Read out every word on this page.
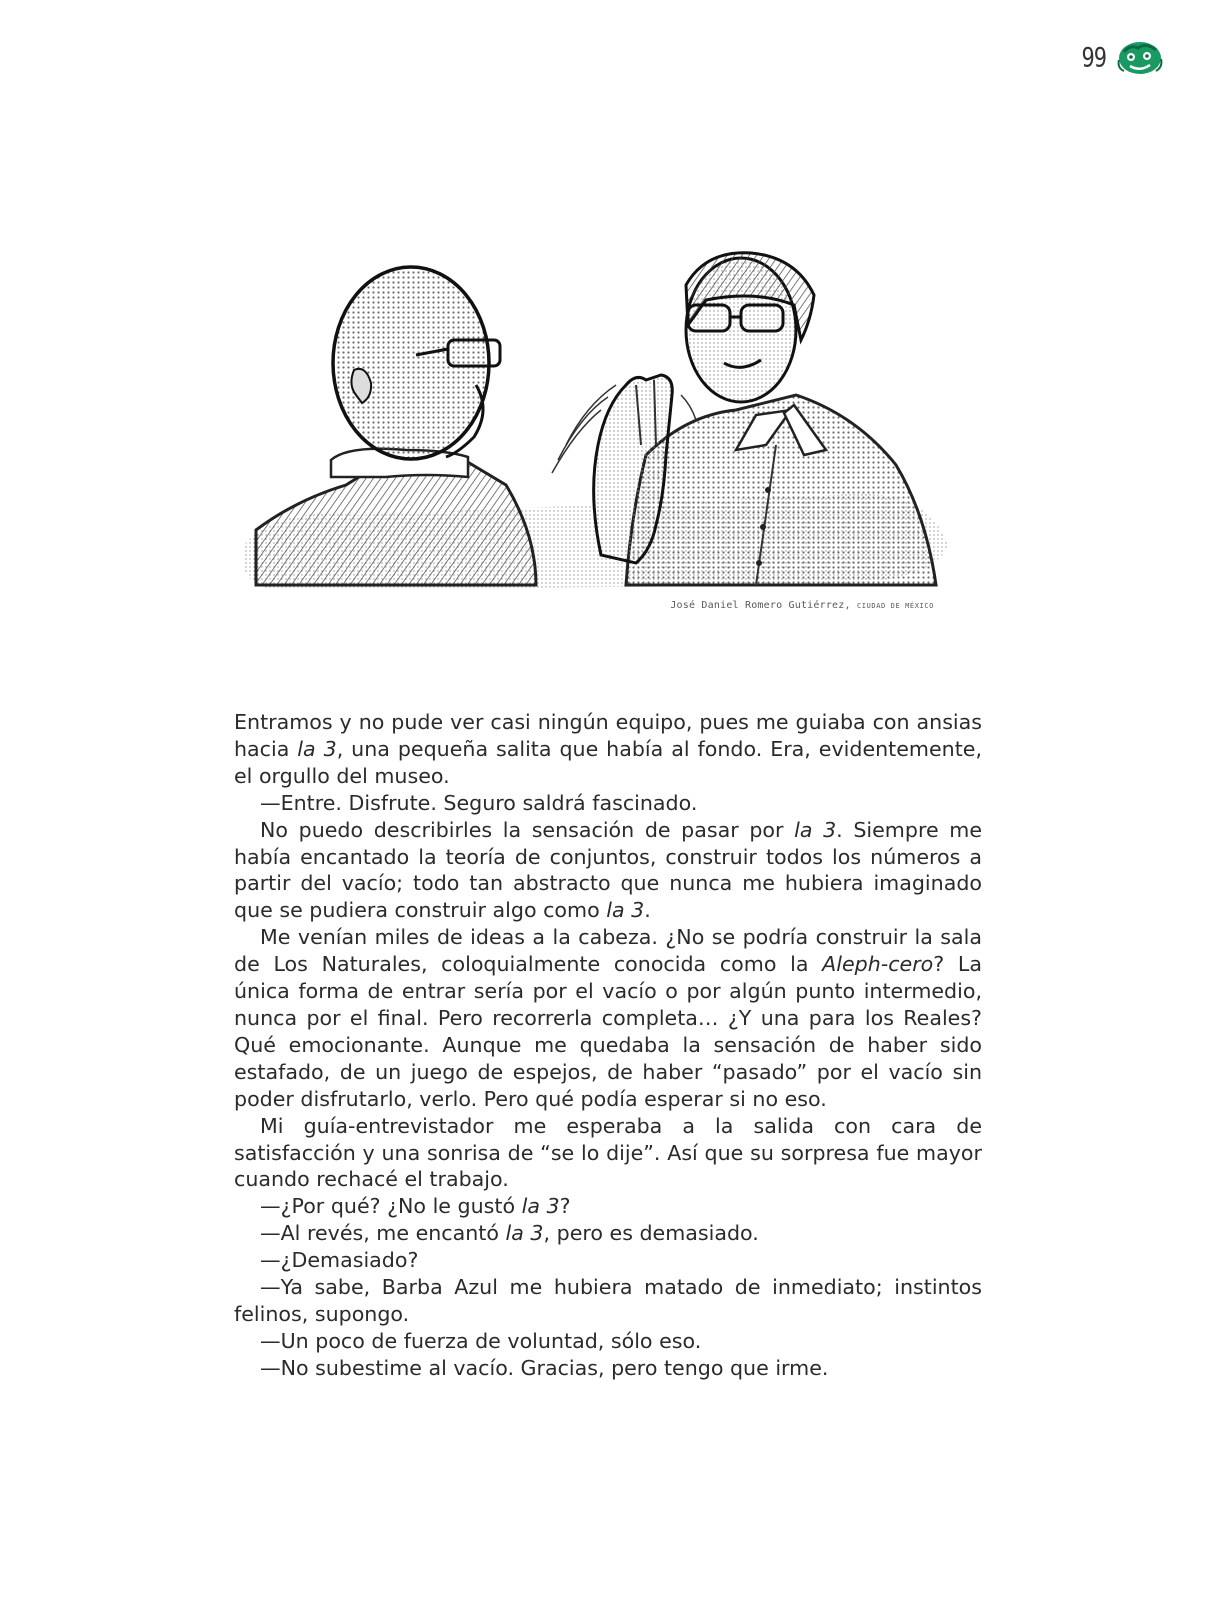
99
José Daniel Romero Gutiérrez, CIUDAD DE MÉXICO

Entramos y no pude ver casi ningún equipo, pues me guiaba con ansias hacia la 3, una pequeña salita que había al fondo. Era, evidentemente, el orgullo del museo.

—Entre. Disfrute. Seguro saldrá fascinado.

No puedo describirles la sensación de pasar por la 3. Siempre me había encantado la teoría de conjuntos, construir todos los números a partir del vacío; todo tan abstracto que nunca me hubiera imaginado que se pudiera construir algo como la 3.

Me venían miles de ideas a la cabeza. ¿No se podría construir la sala de Los Naturales, coloquialmente conocida como la Aleph-cero? La única forma de entrar sería por el vacío o por algún punto intermedio, nunca por el final. Pero recorrerla completa… ¿Y una para los Reales? Qué emocionante. Aunque me quedaba la sensación de haber sido estafado, de un juego de espejos, de haber “pasado” por el vacío sin poder disfrutarlo, verlo. Pero qué podía esperar si no eso.

Mi guía-entrevistador me esperaba a la salida con cara de satisfacción y una sonrisa de “se lo dije”. Así que su sorpresa fue mayor cuando rechacé el trabajo.

—¿Por qué? ¿No le gustó la 3?

—Al revés, me encantó la 3, pero es demasiado.

—¿Demasiado?

—Ya sabe, Barba Azul me hubiera matado de inmediato; instintos felinos, supongo.

—Un poco de fuerza de voluntad, sólo eso.

—No subestime al vacío. Gracias, pero tengo que irme.
